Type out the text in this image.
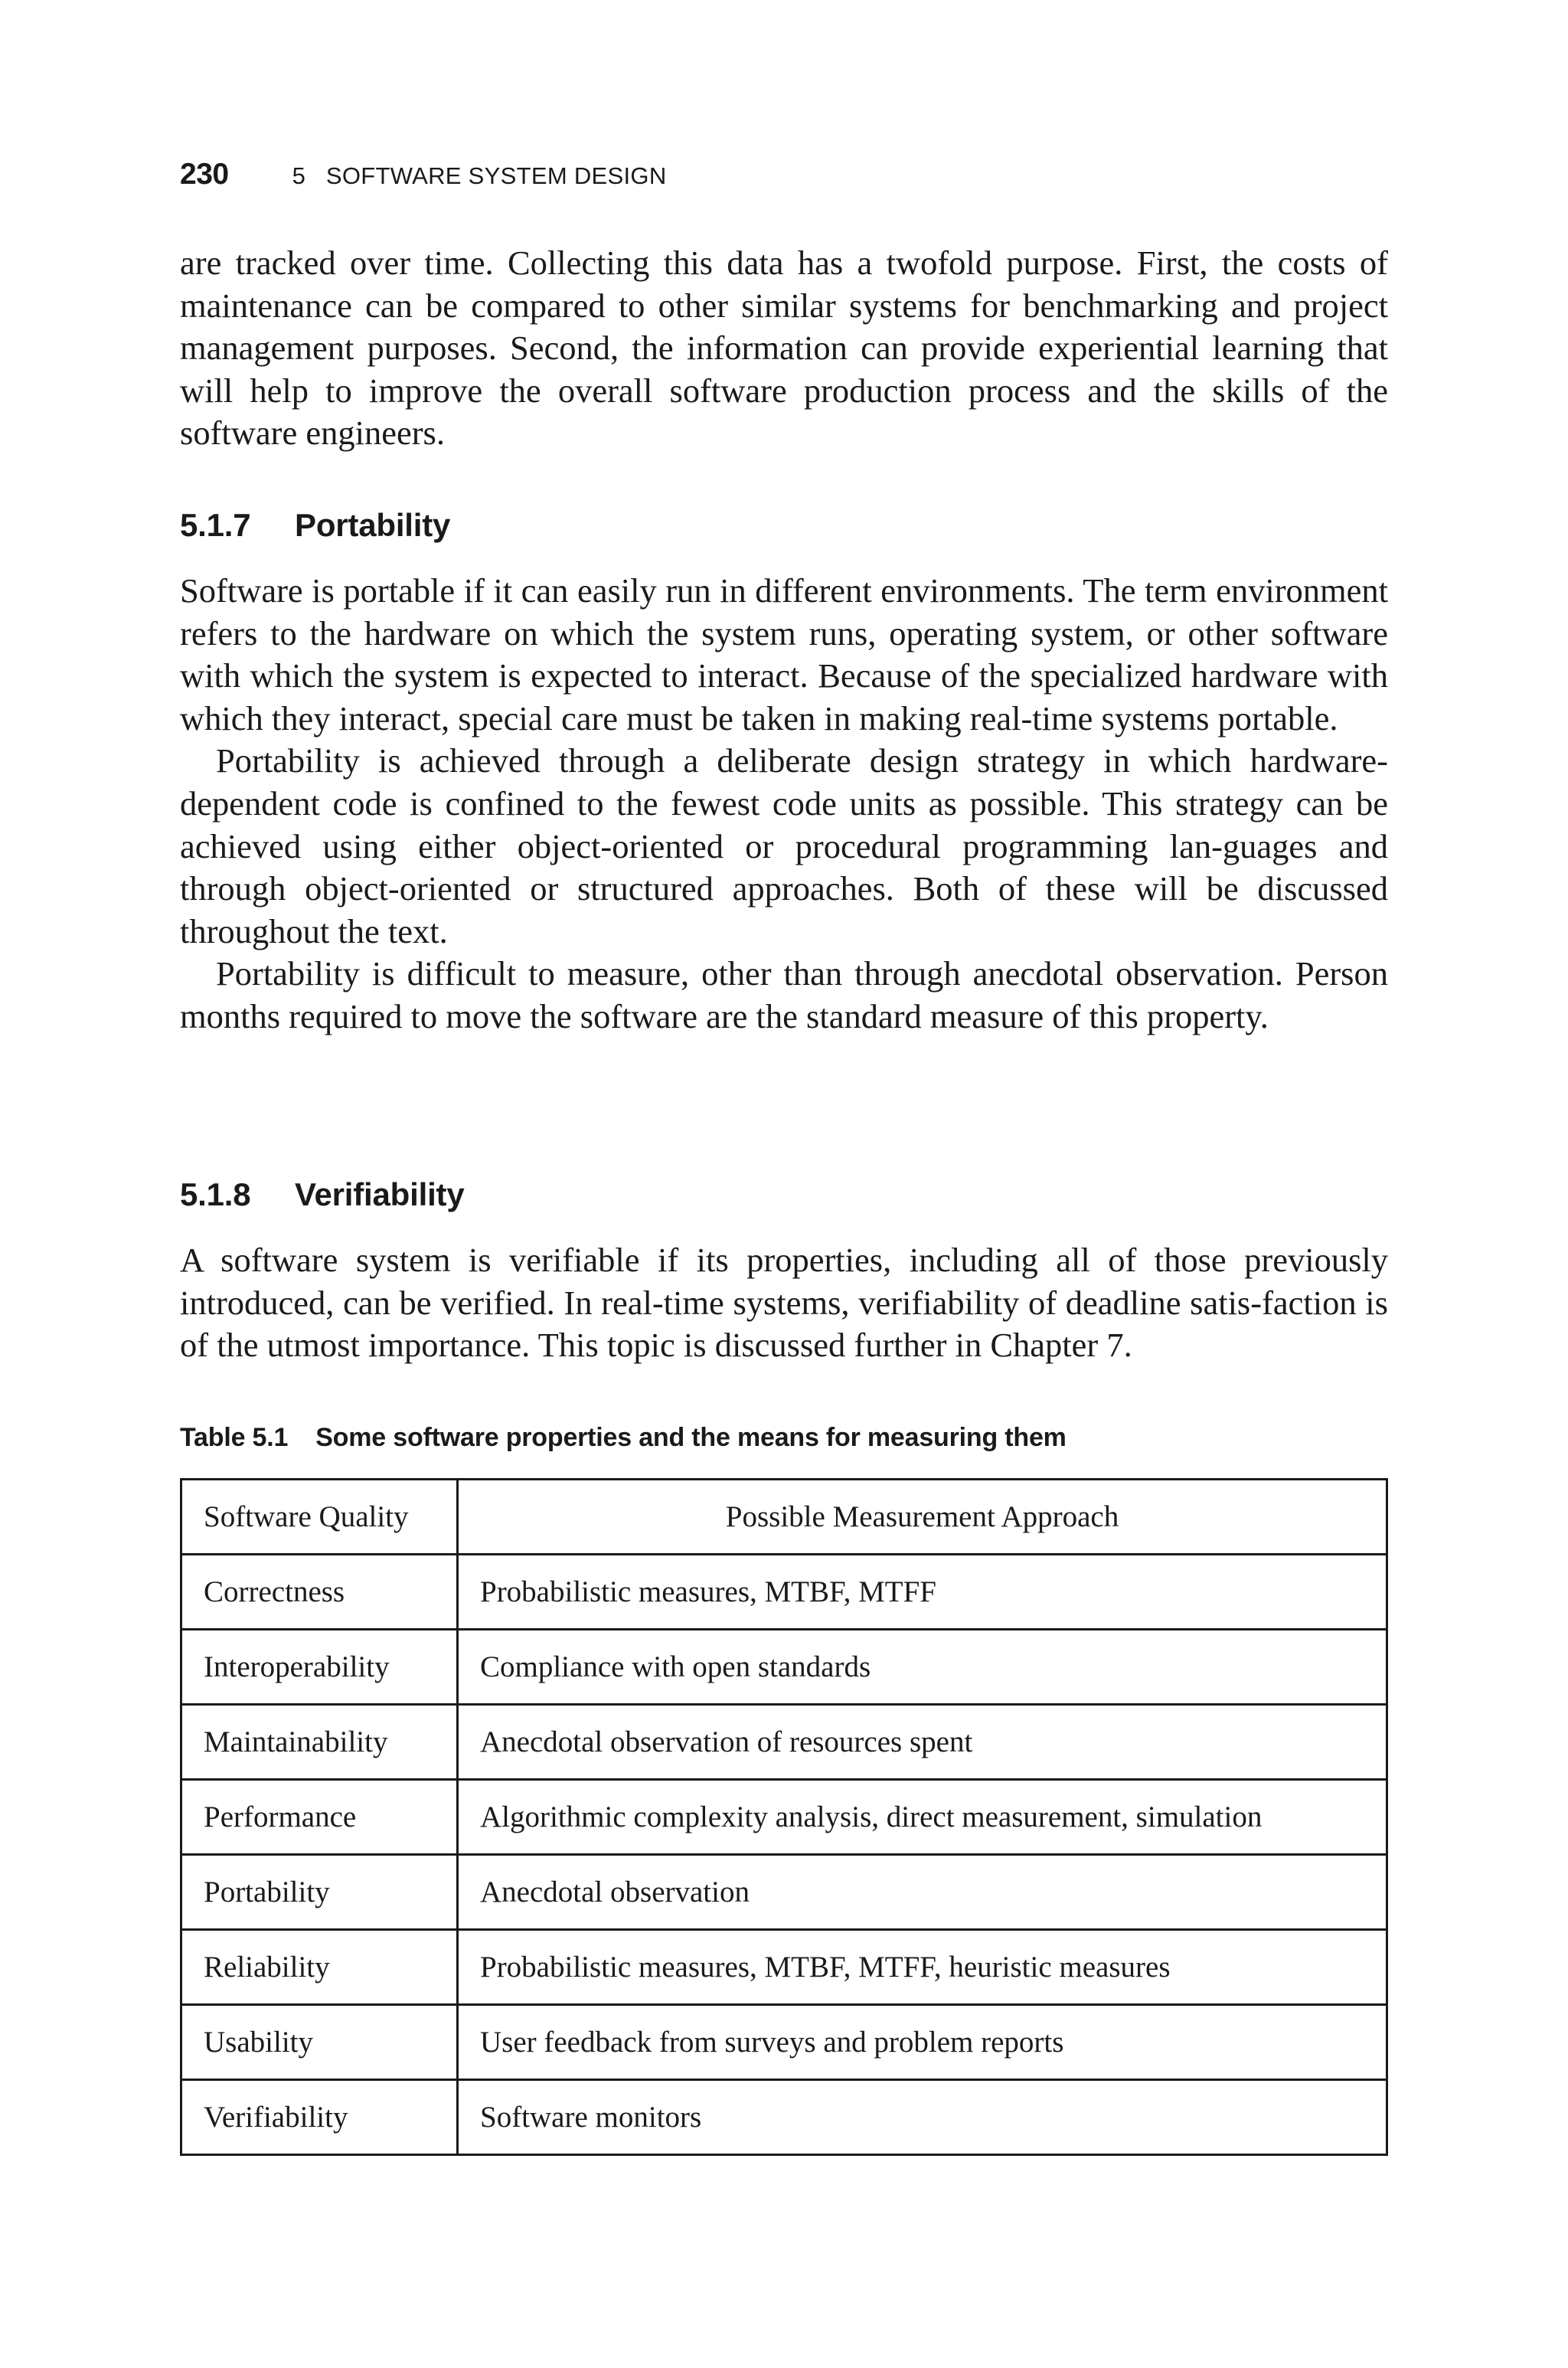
230	5   SOFTWARE SYSTEM DESIGN

are tracked over time. Collecting this data has a twofold purpose. First, the costs of maintenance can be compared to other similar systems for benchmarking and project management purposes. Second, the information can provide experiential learning that will help to improve the overall software production process and the skills of the software engineers.

5.1.7 Portability

Software is portable if it can easily run in different environments. The term environment refers to the hardware on which the system runs, operating system, or other software with which the system is expected to interact. Because of the specialized hardware with which they interact, special care must be taken in making real-time systems portable.

Portability is achieved through a deliberate design strategy in which hardware-dependent code is confined to the fewest code units as possible. This strategy can be achieved using either object-oriented or procedural programming lan-guages and through object-oriented or structured approaches. Both of these will be discussed throughout the text.

Portability is difficult to measure, other than through anecdotal observation. Person months required to move the software are the standard measure of this property.

5.1.8 Verifiability

A software system is verifiable if its properties, including all of those previously introduced, can be verified. In real-time systems, verifiability of deadline satis-faction is of the utmost importance. This topic is discussed further in Chapter 7.

Table 5.1 Some software properties and the means for measuring them
Software Quality	Possible Measurement Approach
Correctness	Probabilistic measures, MTBF, MTFF
Interoperability	Compliance with open standards
Maintainability	Anecdotal observation of resources spent
Performance	Algorithmic complexity analysis, direct measurement, simulation
Portability	Anecdotal observation
Reliability	Probabilistic measures, MTBF, MTFF, heuristic measures
Usability	User feedback from surveys and problem reports
Verifiability	Software monitors
